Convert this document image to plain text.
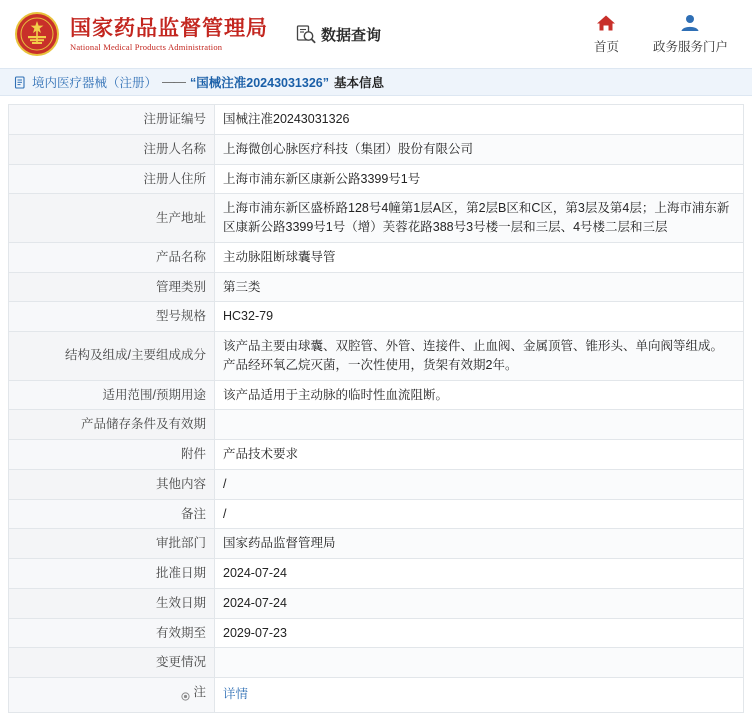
国家药品监督管理局
National Medical Products Administration
数据查询
首页	政务服务门户
境内医疗器械（注册） —— “国械注准20243031326” 基本信息
注册证编号	国械注准20243031326
注册人名称	上海微创心脉医疗科技（集团）股份有限公司
注册人住所	上海市浦东新区康新公路3399号1号
生产地址	上海市浦东新区盛桥路128号4幢第1层A区，第2层B区和C区，第3层及第4层；上海市浦东新区康新公路3399号1号（增）芙蓉花路388号3号楼一层和三层、4号楼二层和三层
产品名称	主动脉阻断球囊导管
管理类别	第三类
型号规格	HC32-79
结构及组成/主要组成成分	该产品主要由球囊、双腔管、外管、连接件、止血阀、金属顶管、锥形头、单向阀等组成。产品经环氧乙烷灭菌，一次性使用，货架有效期2年。
适用范围/预期用途	该产品适用于主动脉的临时性血流阻断。
产品储存条件及有效期	
附件	产品技术要求
其他内容	/
备注	/
审批部门	国家药品监督管理局
批准日期	2024-07-24
生效日期	2024-07-24
有效期至	2029-07-23
变更情况	

注	详情
